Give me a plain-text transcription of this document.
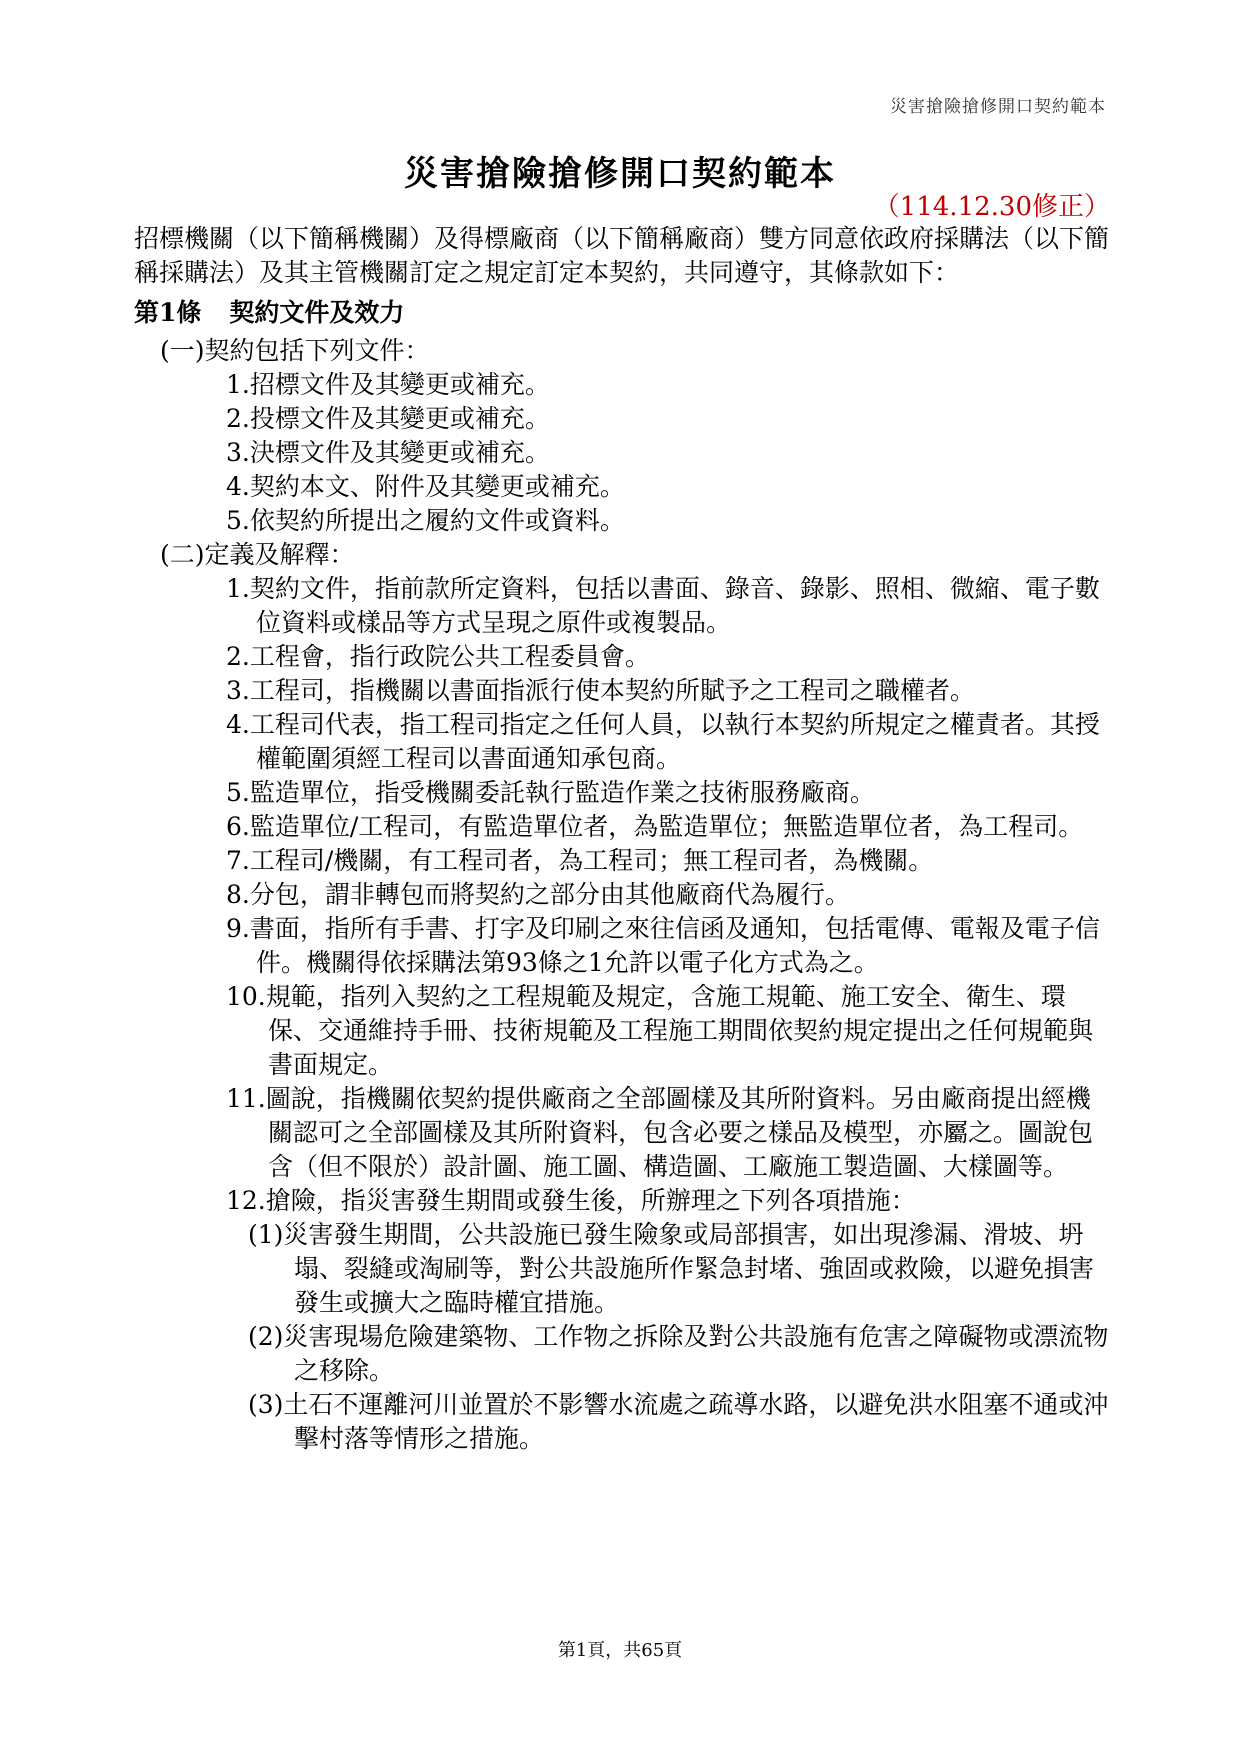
災害搶險搶修開口契約範本
災害搶險搶修開口契約範本
（114.12.30修正）

招標機關（以下簡稱機關）及得標廠商（以下簡稱廠商）雙方同意依政府採購法（以下簡稱採購法）及其主管機關訂定之規定訂定本契約，共同遵守，其條款如下：

第1條 契約文件及效力

(一)契約包括下列文件：

1.招標文件及其變更或補充。

2.投標文件及其變更或補充。

3.決標文件及其變更或補充。

4.契約本文、附件及其變更或補充。

5.依契約所提出之履約文件或資料。

(二)定義及解釋：

1.契約文件，指前款所定資料，包括以書面、錄音、錄影、照相、微縮、電子數位資料或樣品等方式呈現之原件或複製品。

2.工程會，指行政院公共工程委員會。

3.工程司，指機關以書面指派行使本契約所賦予之工程司之職權者。

4.工程司代表，指工程司指定之任何人員，以執行本契約所規定之權責者。其授權範圍須經工程司以書面通知承包商。

5.監造單位，指受機關委託執行監造作業之技術服務廠商。

6.監造單位/工程司，有監造單位者，為監造單位；無監造單位者，為工程司。

7.工程司/機關，有工程司者，為工程司；無工程司者，為機關。

8.分包，謂非轉包而將契約之部分由其他廠商代為履行。

9.書面，指所有手書、打字及印刷之來往信函及通知，包括電傳、電報及電子信件。機關得依採購法第93條之1允許以電子化方式為之。

10.規範，指列入契約之工程規範及規定，含施工規範、施工安全、衛生、環保、交通維持手冊、技術規範及工程施工期間依契約規定提出之任何規範與書面規定。

11.圖說，指機關依契約提供廠商之全部圖樣及其所附資料。另由廠商提出經機關認可之全部圖樣及其所附資料，包含必要之樣品及模型，亦屬之。圖說包含（但不限於）設計圖、施工圖、構造圖、工廠施工製造圖、大樣圖等。

12.搶險，指災害發生期間或發生後，所辦理之下列各項措施：

(1)災害發生期間，公共設施已發生險象或局部損害，如出現滲漏、滑坡、坍塌、裂縫或淘刷等，對公共設施所作緊急封堵、強固或救險，以避免損害發生或擴大之臨時權宜措施。

(2)災害現場危險建築物、工作物之拆除及對公共設施有危害之障礙物或漂流物之移除。

(3)土石不運離河川並置於不影響水流處之疏導水路，以避免洪水阻塞不通或沖擊村落等情形之措施。

第1頁，共65頁
